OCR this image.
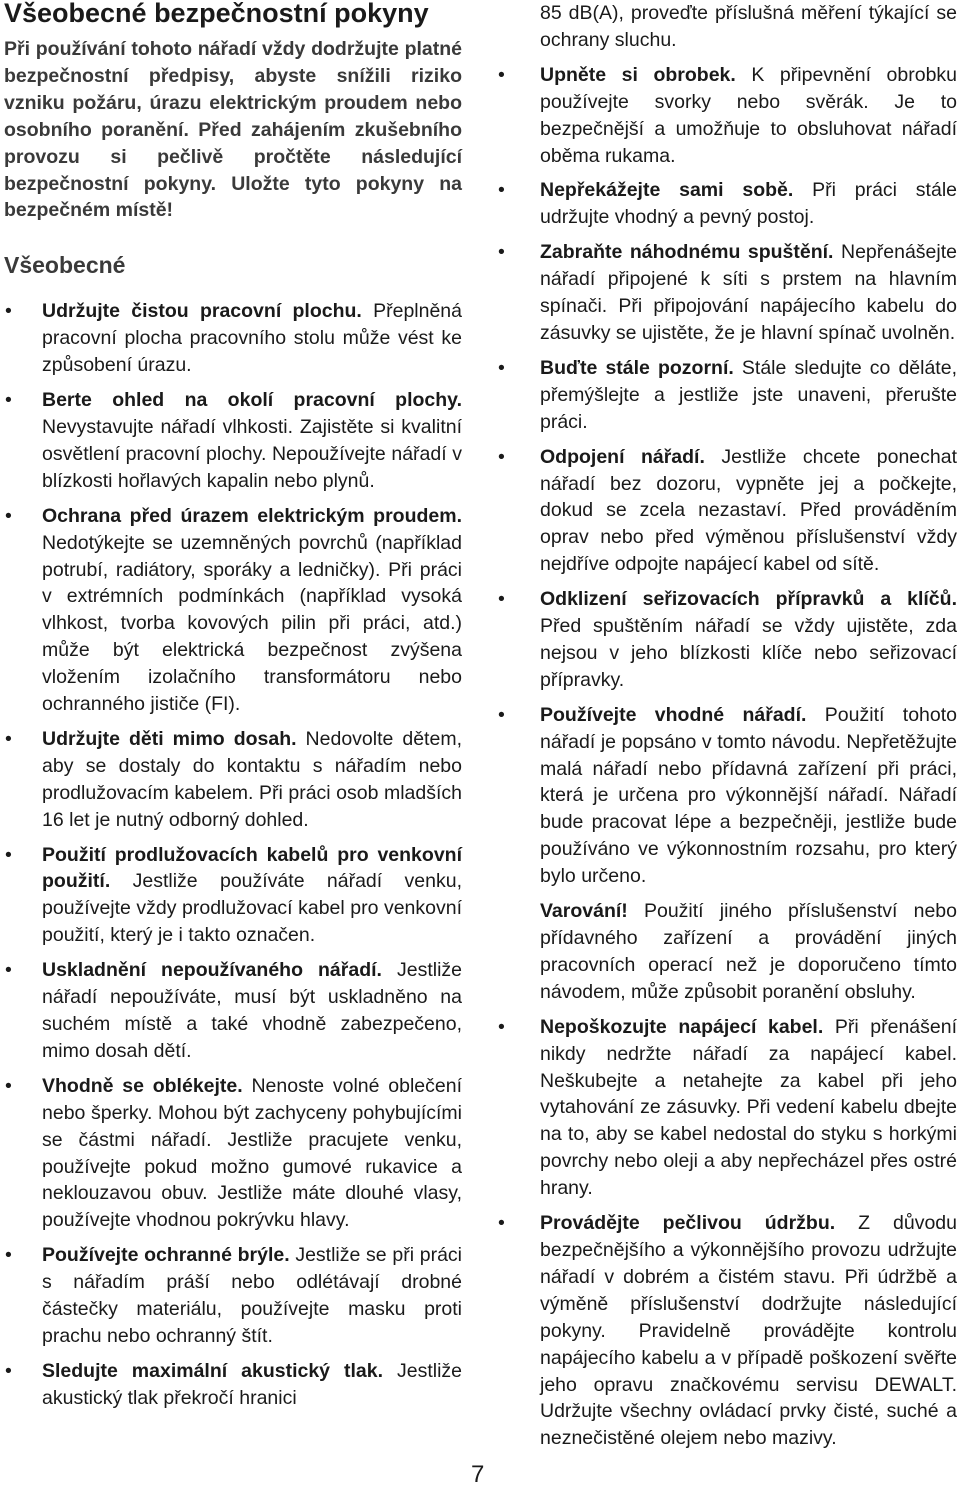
Všeobecné bezpečnostní pokyny

Při používání tohoto nářadí vždy dodržujte platné bezpečnostní předpisy, abyste snížili riziko vzniku požáru, úrazu elektrickým proudem nebo osobního poranění. Před zahájením zkušebního provozu si pečlivě pročtěte následující bezpečnostní pokyny. Uložte tyto pokyny na bezpečném místě!

Všeobecné
• Udržujte čistou pracovní plochu. Přeplněná pracovní plocha pracovního stolu může vést ke způsobení úrazu.
• Berte ohled na okolí pracovní plochy. Nevystavujte nářadí vlhkosti. Zajistěte si kvalitní osvětlení pracovní plochy. Nepoužívejte nářadí v blízkosti hořlavých kapalin nebo plynů.
• Ochrana před úrazem elektrickým proudem. Nedotýkejte se uzemněných povrchů (například potrubí, radiátory, sporáky a ledničky). Při práci v extrémních podmínkách (například vysoká vlhkost, tvorba kovových pilin při práci, atd.) může být elektrická bezpečnost zvýšena vložením izolačního transformátoru nebo ochranného jističe (FI).
• Udržujte děti mimo dosah. Nedovolte dětem, aby se dostaly do kontaktu s nářadím nebo prodlužovacím kabelem. Při práci osob mladších 16 let je nutný odborný dohled.
• Použití prodlužovacích kabelů pro venkovní použití. Jestliže používáte nářadí venku, používejte vždy prodlužovací kabel pro venkovní použití, který je i takto označen.
• Uskladnění nepoužívaného nářadí. Jestliže nářadí nepoužíváte, musí být uskladněno na suchém místě a také vhodně zabezpečeno, mimo dosah dětí.
• Vhodně se oblékejte. Nenoste volné oblečení nebo šperky. Mohou být zachyceny pohybujícími se částmi nářadí. Jestliže pracujete venku, používejte pokud možno gumové rukavice a neklouzavou obuv. Jestliže máte dlouhé vlasy, používejte vhodnou pokrývku hlavy.
• Používejte ochranné brýle. Jestliže se při práci s nářadím práší nebo odlétávají drobné částečky materiálu, používejte masku proti prachu nebo ochranný štít.
• Sledujte maximální akustický tlak. Jestliže akustický tlak překročí hranici

85 dB(A), proveďte příslušná měření týkající se ochrany sluchu.

• Upněte si obrobek. K připevnění obrobku používejte svorky nebo svěrák. Je to bezpečnější a umožňuje to obsluhovat nářadí oběma rukama.
• Nepřekážejte sami sobě. Při práci stále udržujte vhodný a pevný postoj.
• Zabraňte náhodnému spuštění. Nepřenášejte nářadí připojené k síti s prstem na hlavním spínači. Při připojování napájecího kabelu do zásuvky se ujistěte, že je hlavní spínač uvolněn.
• Buďte stále pozorní. Stále sledujte co děláte, přemýšlejte a jestliže jste unaveni, přerušte práci.
• Odpojení nářadí. Jestliže chcete ponechat nářadí bez dozoru, vypněte jej a počkejte, dokud se zcela nezastaví. Před prováděním oprav nebo před výměnou příslušenství vždy nejdříve odpojte napájecí kabel od sítě.
• Odklizení seřizovacích přípravků a klíčů. Před spuštěním nářadí se vždy ujistěte, zda nejsou v jeho blízkosti klíče nebo seřizovací přípravky.
• Používejte vhodné nářadí. Použití tohoto nářadí je popsáno v tomto návodu. Nepřetěžujte malá nářadí nebo přídavná zařízení při práci, která je určena pro výkonnější nářadí. Nářadí bude pracovat lépe a bezpečněji, jestliže bude používáno ve výkonnostním rozsahu, pro který bylo určeno.

Varování! Použití jiného příslušenství nebo přídavného zařízení a provádění jiných pracovních operací než je doporučeno tímto návodem, může způsobit poranění obsluhy.

• Nepoškozujte napájecí kabel. Při přenášení nikdy nedržte nářadí za napájecí kabel. Neškubejte a netahejte za kabel při jeho vytahování ze zásuvky. Při vedení kabelu dbejte na to, aby se kabel nedostal do styku s horkými povrchy nebo oleji a aby nepřecházel přes ostré hrany.
• Provádějte pečlivou údržbu. Z důvodu bezpečnějšího a výkonnějšího provozu udržujte nářadí v dobrém a čistém stavu. Při údržbě a výměně příslušenství dodržujte následující pokyny. Pravidelně provádějte kontrolu napájecího kabelu a v případě poškození svěřte jeho opravu značkovému servisu DEWALT. Udržujte všechny ovládací prvky čisté, suché a neznečistěné olejem nebo mazivy.
7
